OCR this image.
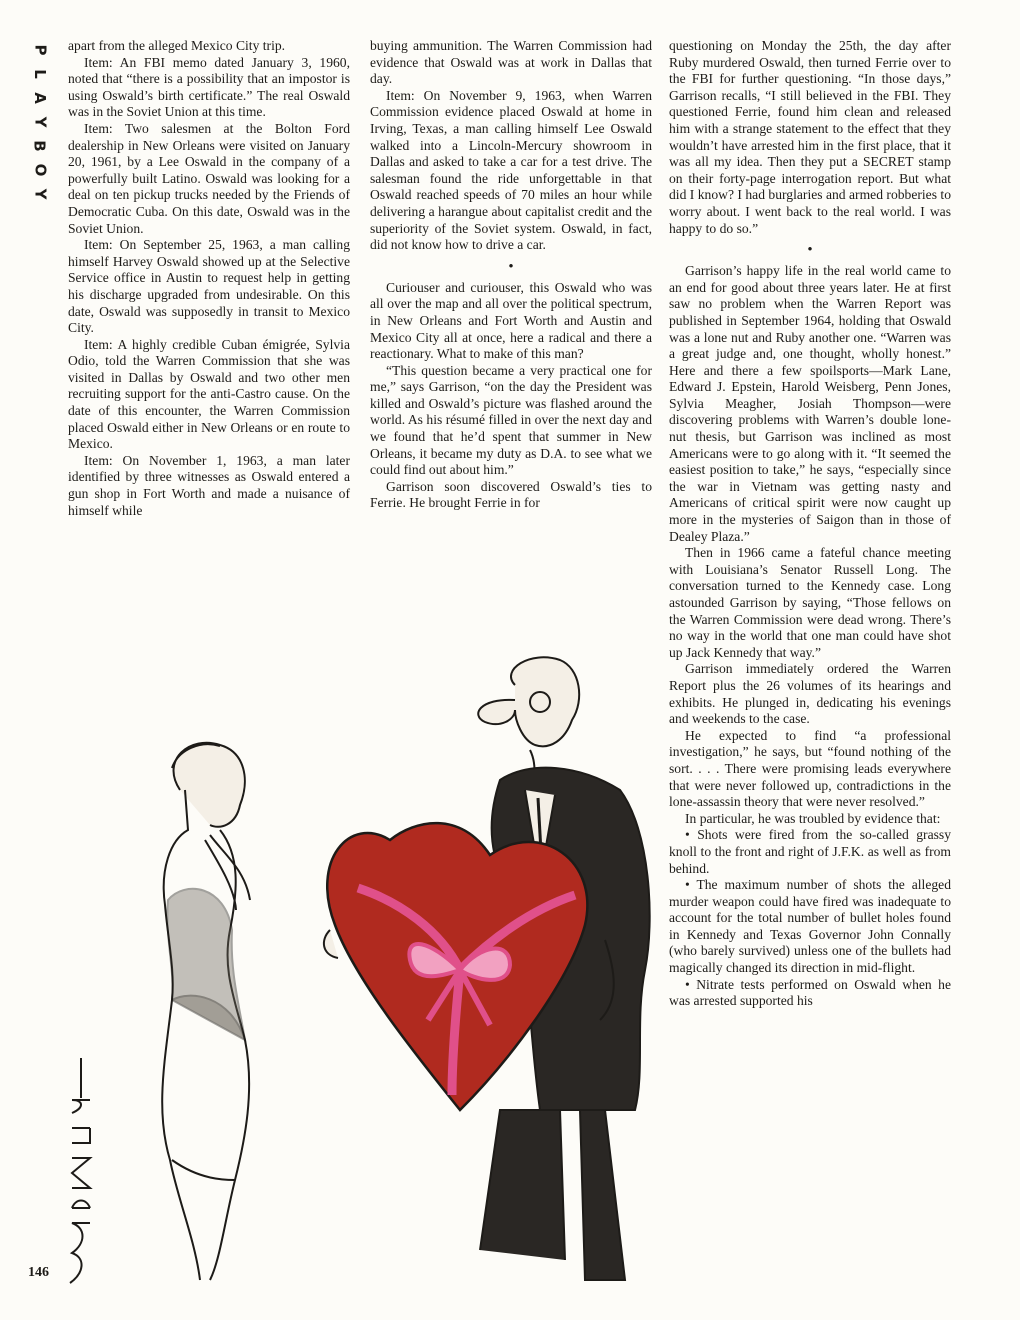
P
L
A
Y
B
O
Y

apart from the alleged Mexico City trip.

Item: An FBI memo dated January 3, 1960, noted that “there is a possibility that an impostor is using Oswald’s birth certificate.” The real Oswald was in the Soviet Union at this time.

Item: Two salesmen at the Bolton Ford dealership in New Orleans were visited on January 20, 1961, by a Lee Oswald in the company of a powerfully built Latino. Oswald was looking for a deal on ten pickup trucks needed by the Friends of Democratic Cuba. On this date, Oswald was in the Soviet Union.

Item: On September 25, 1963, a man calling himself Harvey Oswald showed up at the Selective Service office in Austin to request help in getting his discharge upgraded from undesirable. On this date, Oswald was supposedly in transit to Mexico City.

Item: A highly credible Cuban émigrée, Sylvia Odio, told the Warren Commission that she was visited in Dallas by Oswald and two other men recruiting support for the anti-Castro cause. On the date of this encounter, the Warren Commission placed Oswald either in New Orleans or en route to Mexico.

Item: On November 1, 1963, a man later identified by three witnesses as Oswald entered a gun shop in Fort Worth and made a nuisance of himself while

buying ammunition. The Warren Commission had evidence that Oswald was at work in Dallas that day.

Item: On November 9, 1963, when Warren Commission evidence placed Oswald at home in Irving, Texas, a man calling himself Lee Oswald walked into a Lincoln-Mercury showroom in Dallas and asked to take a car for a test drive. The salesman found the ride unforgettable in that Oswald reached speeds of 70 miles an hour while delivering a harangue about capitalist credit and the superiority of the Soviet system. Oswald, in fact, did not know how to drive a car.

•

Curiouser and curiouser, this Oswald who was all over the map and all over the political spectrum, in New Orleans and Fort Worth and Austin and Mexico City all at once, here a radical and there a reactionary. What to make of this man?

“This question became a very practical one for me,” says Garrison, “on the day the President was killed and Oswald’s picture was flashed around the world. As his résumé filled in over the next day and we found that he’d spent that summer in New Orleans, it became my duty as D.A. to see what we could find out about him.”

Garrison soon discovered Oswald’s ties to Ferrie. He brought Ferrie in for

questioning on Monday the 25th, the day after Ruby murdered Oswald, then turned Ferrie over to the FBI for further questioning. “In those days,” Garrison recalls, “I still believed in the FBI. They questioned Ferrie, found him clean and released him with a strange statement to the effect that they wouldn’t have arrested him in the first place, that it was all my idea. Then they put a SECRET stamp on their forty-page interrogation report. But what did I know? I had burglaries and armed robberies to worry about. I went back to the real world. I was happy to do so.”

•

Garrison’s happy life in the real world came to an end for good about three years later. He at first saw no problem when the Warren Report was published in September 1964, holding that Oswald was a lone nut and Ruby another one. “Warren was a great judge and, one thought, wholly honest.” Here and there a few spoilsports—Mark Lane, Edward J. Epstein, Harold Weisberg, Penn Jones, Sylvia Meagher, Josiah Thompson—were discovering problems with Warren’s double lone-nut thesis, but Garrison was inclined as most Americans were to go along with it. “It seemed the easiest position to take,” he says, “especially since the war in Vietnam was getting nasty and Americans of critical spirit were now caught up more in the mysteries of Saigon than in those of Dealey Plaza.”

Then in 1966 came a fateful chance meeting with Louisiana’s Senator Russell Long. The conversation turned to the Kennedy case. Long astounded Garrison by saying, “Those fellows on the Warren Commission were dead wrong. There’s no way in the world that one man could have shot up Jack Kennedy that way.”

Garrison immediately ordered the Warren Report plus the 26 volumes of its hearings and exhibits. He plunged in, dedicating his evenings and weekends to the case.

He expected to find “a professional investigation,” he says, but “found nothing of the sort. . . . There were promising leads everywhere that were never followed up, contradictions in the lone-assassin theory that were never resolved.”

In particular, he was troubled by evidence that:

• Shots were fired from the so-called grassy knoll to the front and right of J.F.K. as well as from behind.

• The maximum number of shots the alleged murder weapon could have fired was inadequate to account for the total number of bullet holes found in Kennedy and Texas Governor John Connally (who barely survived) unless one of the bullets had magically changed its direction in mid-flight.

• Nitrate tests performed on Oswald when he was arrested supported his

146
